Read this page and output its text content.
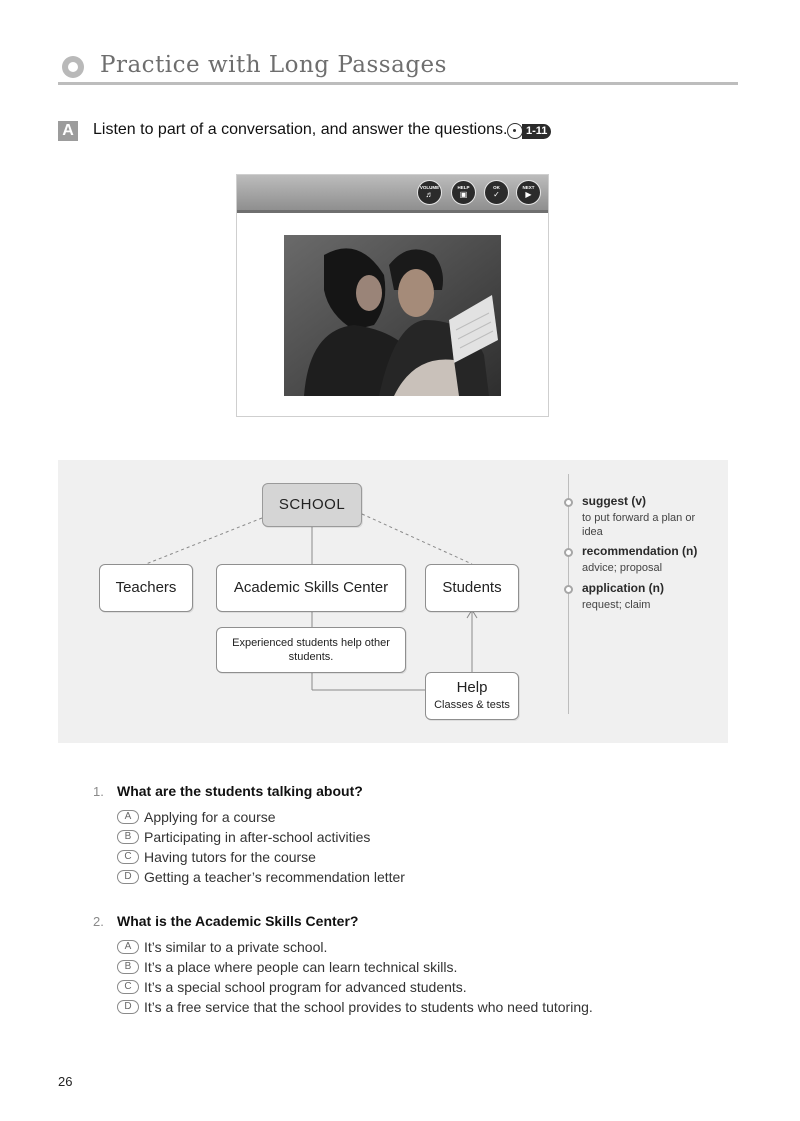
Practice with Long Passages
A Listen to part of a conversation, and answer the questions.	1-11
VOLUME
♬
HELP
▣
OK
✓
NEXT
▶
SCHOOL
Teachers	Academic Skills Center	Students
Experienced students help other students.
Help
Classes & tests
suggest (v)
to put forward a plan or idea
recommendation (n)
advice; proposal
application (n)
request; claim
1. What are the students talking about?
A Applying for a course
B Participating in after-school activities
C Having tutors for the course
D Getting a teacher’s recommendation letter
2. What is the Academic Skills Center?
A It’s similar to a private school.
B It’s a place where people can learn technical skills.
C It’s a special school program for advanced students.
D It’s a free service that the school provides to students who need tutoring.
26
